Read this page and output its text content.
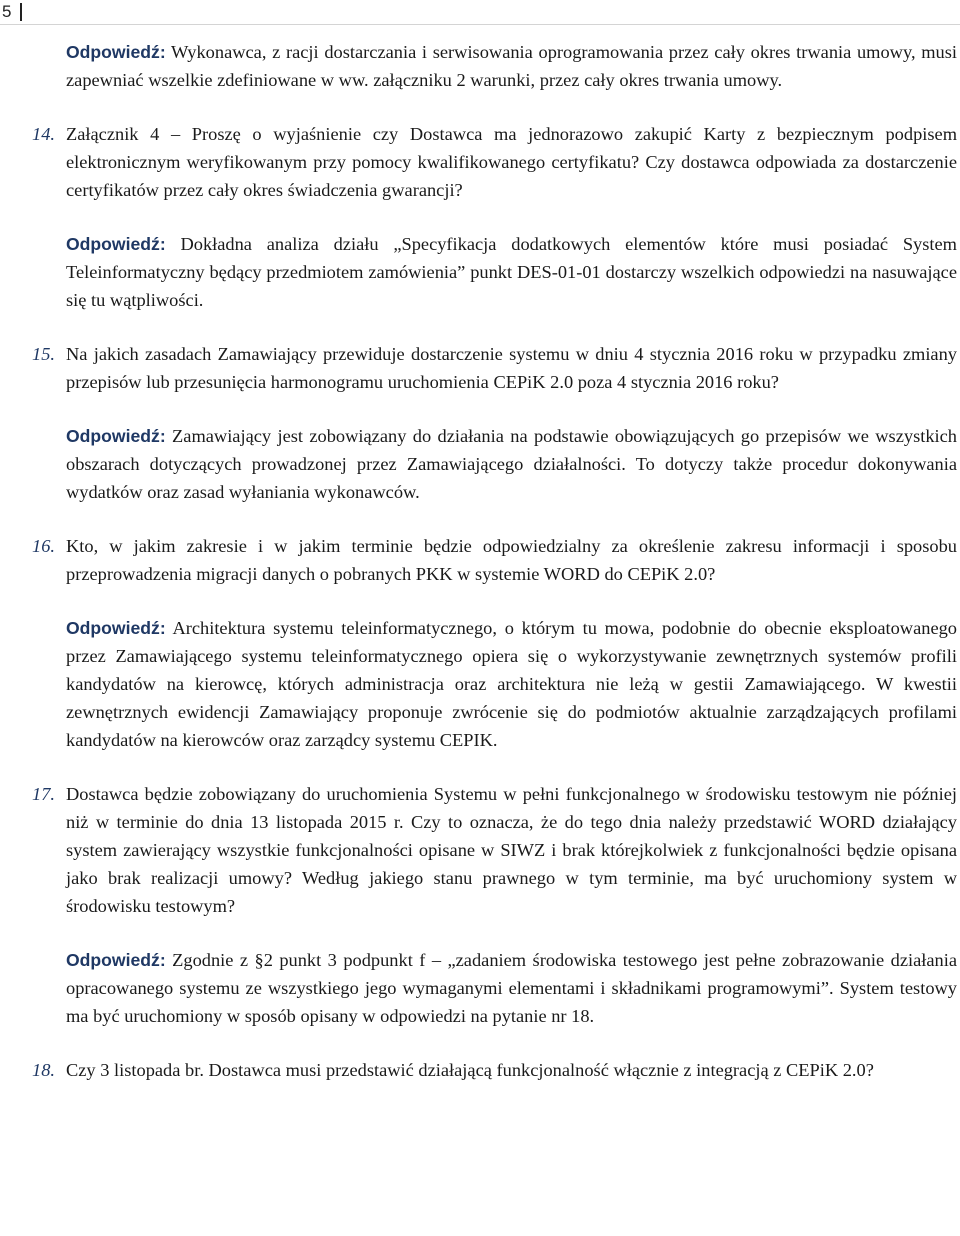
5

Odpowiedź: Wykonawca, z racji dostarczania i serwisowania oprogramowania przez cały okres trwania umowy, musi zapewniać wszelkie zdefiniowane w ww. załączniku 2 warunki, przez cały okres trwania umowy.

14. Załącznik 4 – Proszę o wyjaśnienie czy Dostawca ma jednorazowo zakupić Karty z bezpiecznym podpisem elektronicznym weryfikowanym przy pomocy kwalifikowanego certyfikatu? Czy dostawca odpowiada za dostarczenie certyfikatów przez cały okres świadczenia gwarancji?

Odpowiedź: Dokładna analiza działu „Specyfikacja dodatkowych elementów które musi posiadać System Teleinformatyczny będący przedmiotem zamówienia” punkt DES-01-01 dostarczy wszelkich odpowiedzi na nasuwające się tu wątpliwości.

15. Na jakich zasadach Zamawiający przewiduje dostarczenie systemu w dniu 4 stycznia 2016 roku w przypadku zmiany przepisów lub przesunięcia harmonogramu uruchomienia CEPiK 2.0 poza 4 stycznia 2016 roku?

Odpowiedź: Zamawiający jest zobowiązany do działania na podstawie obowiązujących go przepisów we wszystkich obszarach dotyczących prowadzonej przez Zamawiającego działalności. To dotyczy także procedur dokonywania wydatków oraz zasad wyłaniania wykonawców.

16. Kto, w jakim zakresie i w jakim terminie będzie odpowiedzialny za określenie zakresu informacji i sposobu przeprowadzenia migracji danych o pobranych PKK w systemie WORD do CEPiK 2.0?

Odpowiedź: Architektura systemu teleinformatycznego, o którym tu mowa, podobnie do obecnie eksploatowanego przez Zamawiającego systemu teleinformatycznego opiera się o wykorzystywanie zewnętrznych systemów profili kandydatów na kierowcę, których administracja oraz architektura nie leżą w gestii Zamawiającego. W kwestii zewnętrznych ewidencji Zamawiający proponuje zwrócenie się do podmiotów aktualnie zarządzających profilami kandydatów na kierowców oraz zarządcy systemu CEPIK.

17. Dostawca będzie zobowiązany do uruchomienia Systemu w pełni funkcjonalnego w środowisku testowym nie później niż w terminie do dnia 13 listopada 2015 r. Czy to oznacza, że do tego dnia należy przedstawić WORD działający system zawierający wszystkie funkcjonalności opisane w SIWZ i brak którejkolwiek z funkcjonalności będzie opisana jako brak realizacji umowy? Według jakiego stanu prawnego w tym terminie, ma być uruchomiony system w środowisku testowym?

Odpowiedź: Zgodnie z §2 punkt 3 podpunkt f – „zadaniem środowiska testowego jest pełne zobrazowanie działania opracowanego systemu ze wszystkiego jego wymaganymi elementami i składnikami programowymi”. System testowy ma być uruchomiony w sposób opisany w odpowiedzi na pytanie nr 18.

18. Czy 3 listopada br. Dostawca musi przedstawić działającą funkcjonalność włącznie z integracją z CEPiK 2.0?
